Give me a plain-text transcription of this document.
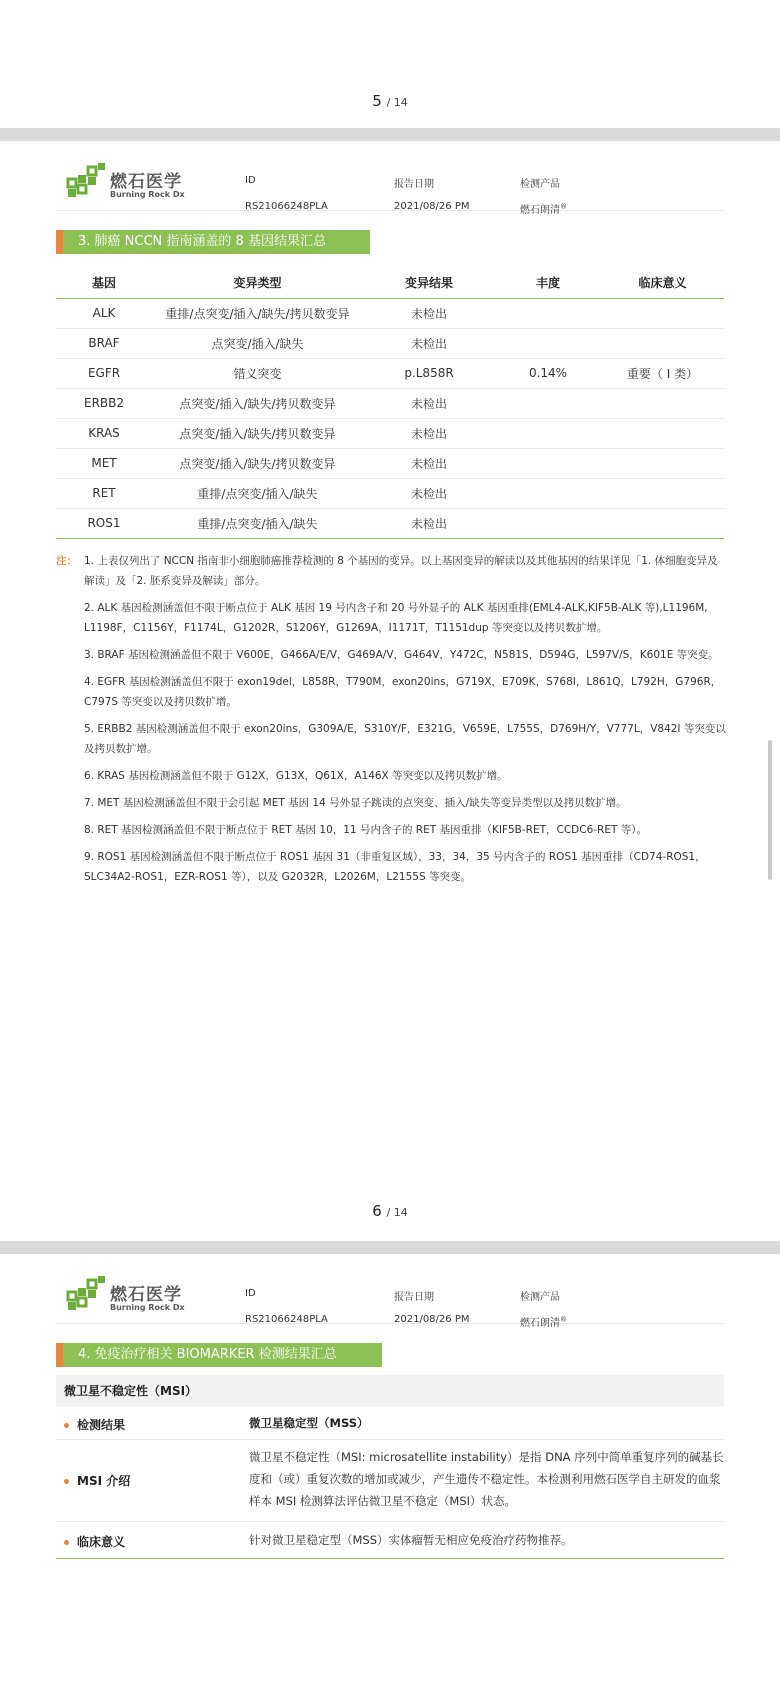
5 / 14
燃石医学
Burning Rock Dx
ID
RS21066248PLA
报告日期
2021/08/26 PM
检测产品
燃石朗清®
3. 肺癌 NCCN 指南涵盖的 8 基因结果汇总
基因	变异类型	变异结果	丰度	临床意义
ALK	重排/点突变/插入/缺失/拷贝数变异	未检出		
BRAF	点突变/插入/缺失	未检出		
EGFR	错义突变	p.L858R	0.14%	重要（ I 类）
ERBB2	点突变/插入/缺失/拷贝数变异	未检出		
KRAS	点突变/插入/缺失/拷贝数变异	未检出		
MET	点突变/插入/缺失/拷贝数变异	未检出		
RET	重排/点突变/插入/缺失	未检出		
ROS1	重排/点突变/插入/缺失	未检出		
注： 1. 上表仅列出了 NCCN 指南非小细胞肺癌推荐检测的 8 个基因的变异。以上基因变异的解读以及其他基因的结果详见「1. 体细胞变异及解读」及「2. 胚系变异及解读」部分。

2. ALK 基因检测涵盖但不限于断点位于 ALK 基因 19 号内含子和 20 号外显子的 ALK 基因重排(EML4-ALK,KIF5B-ALK 等),L1196M, L1198F，C1156Y，F1174L，G1202R，S1206Y，G1269A，I1171T，T1151dup 等突变以及拷贝数扩增。

3. BRAF 基因检测涵盖但不限于 V600E，G466A/E/V，G469A/V，G464V，Y472C，N581S，D594G，L597V/S，K601E 等突变。

4. EGFR 基因检测涵盖但不限于 exon19del，L858R，T790M，exon20ins，G719X，E709K，S768I，L861Q，L792H，G796R，C797S 等突变以及拷贝数扩增。

5. ERBB2 基因检测涵盖但不限于 exon20ins，G309A/E，S310Y/F，E321G，V659E，L755S，D769H/Y，V777L，V842I 等突变以及拷贝数扩增。

6. KRAS 基因检测涵盖但不限于 G12X，G13X，Q61X，A146X 等突变以及拷贝数扩增。

7. MET 基因检测涵盖但不限于会引起 MET 基因 14 号外显子跳读的点突变、插入/缺失等变异类型以及拷贝数扩增。

8. RET 基因检测涵盖但不限于断点位于 RET 基因 10，11 号内含子的 RET 基因重排（KIF5B-RET，CCDC6-RET 等）。

9. ROS1 基因检测涵盖但不限于断点位于 ROS1 基因 31（非重复区域），33，34，35 号内含子的 ROS1 基因重排（CD74-ROS1，SLC34A2-ROS1，EZR-ROS1 等），以及 G2032R，L2026M，L2155S 等突变。

6 / 14
燃石医学
Burning Rock Dx
ID
RS21066248PLA
报告日期
2021/08/26 PM
检测产品
燃石朗清®
4. 免疫治疗相关 BIOMARKER 检测结果汇总
微卫星不稳定性（MSI）
检测结果	微卫星稳定型（MSS）
MSI 介绍
微卫星不稳定性（MSI: microsatellite instability）是指 DNA 序列中简单重复序列的碱基长度和（或）重复次数的增加或减少，产生遗传不稳定性。本检测利用燃石医学自主研发的血浆样本 MSI 检测算法评估微卫星不稳定（MSI）状态。
临床意义	针对微卫星稳定型（MSS）实体瘤暂无相应免疫治疗药物推荐。
